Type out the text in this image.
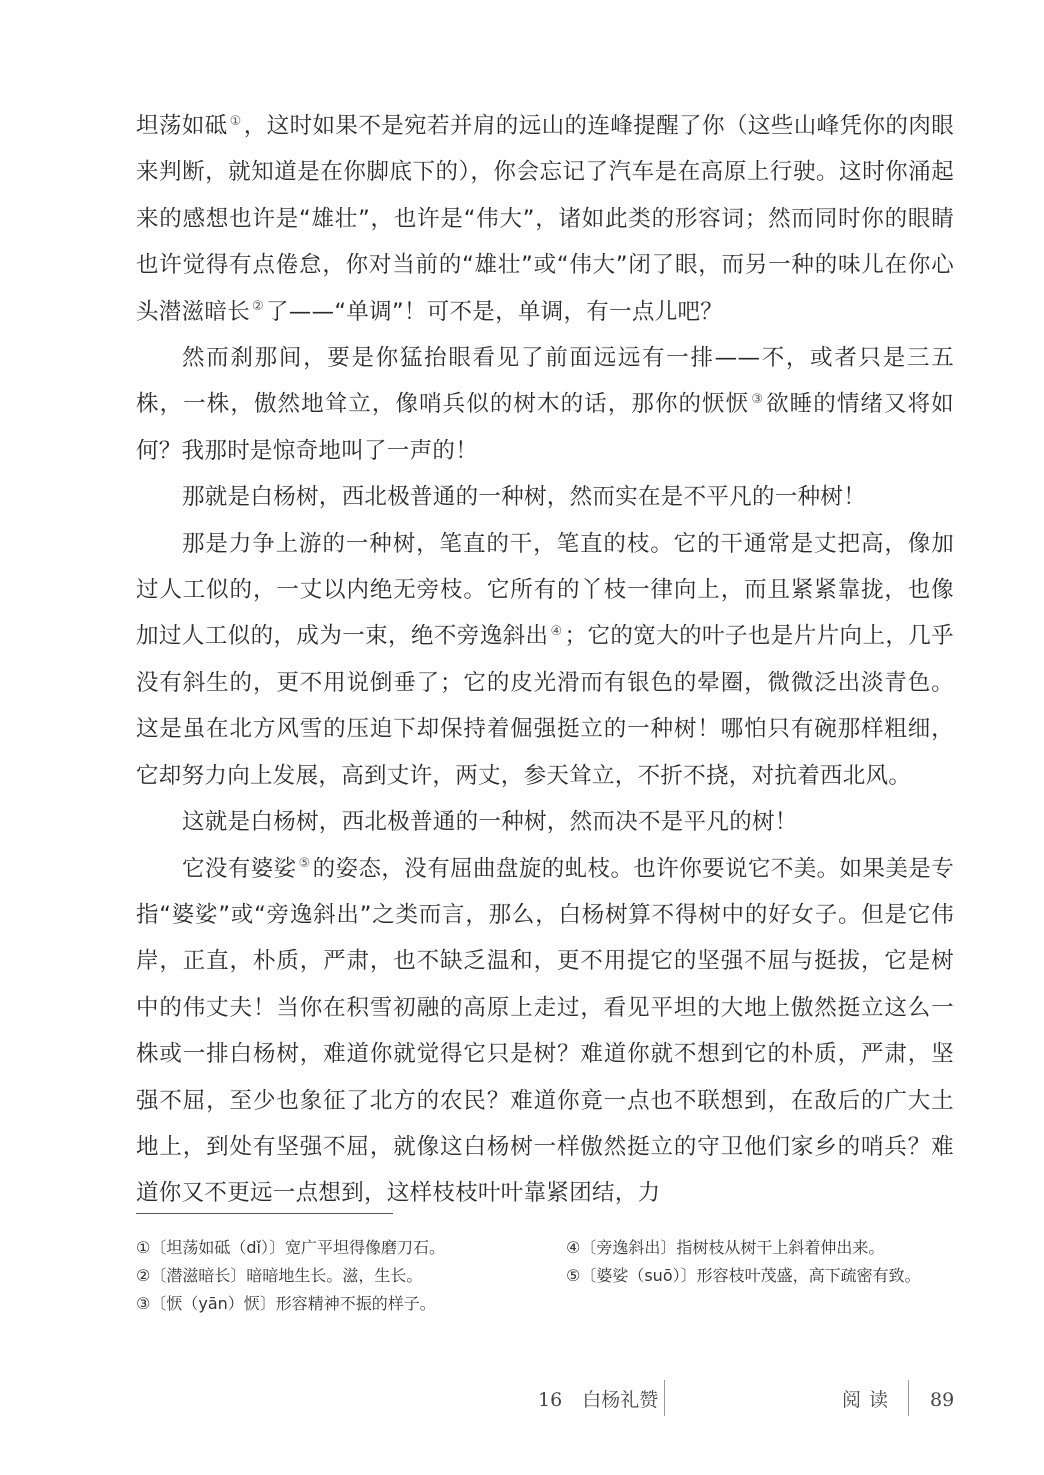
坦荡如砥 ①，这时如果不是宛若并肩的远山的连峰提醒了你（这些山峰凭你的肉眼来判断，就知道是在你脚底下的），你会忘记了汽车是在高原上行驶。这时你涌起来的感想也许是“雄壮”，也许是“伟大”，诸如此类的形容词；然而同时你的眼睛也许觉得有点倦怠，你对当前的“雄壮”或“伟大”闭了眼，而另一种的味儿在你心头潜滋暗长 ②了——“单调”！可不是，单调，有一点儿吧？

然而刹那间，要是你猛抬眼看见了前面远远有一排——不，或者只是三五株，一株，傲然地耸立，像哨兵似的树木的话，那你的恹恹 ③欲睡的情绪又将如何？我那时是惊奇地叫了一声的！

那就是白杨树，西北极普通的一种树，然而实在是不平凡的一种树！

那是力争上游的一种树，笔直的干，笔直的枝。它的干通常是丈把高，像加过人工似的，一丈以内绝无旁枝。它所有的丫枝一律向上，而且紧紧靠拢，也像加过人工似的，成为一束，绝不旁逸斜出 ④；它的宽大的叶子也是片片向上，几乎没有斜生的，更不用说倒垂了；它的皮光滑而有银色的晕圈，微微泛出淡青色。这是虽在北方风雪的压迫下却保持着倔强挺立的一种树！哪怕只有碗那样粗细，它却努力向上发展，高到丈许，两丈，参天耸立，不折不挠，对抗着西北风。

这就是白杨树，西北极普通的一种树，然而决不是平凡的树！

它没有婆娑 ⑤的姿态，没有屈曲盘旋的虬枝。也许你要说它不美。如果美是专指“婆娑”或“旁逸斜出”之类而言，那么，白杨树算不得树中的好女子。但是它伟岸，正直，朴质，严肃，也不缺乏温和，更不用提它的坚强不屈与挺拔，它是树中的伟丈夫！当你在积雪初融的高原上走过，看见平坦的大地上傲然挺立这么一株或一排白杨树，难道你就觉得它只是树？难道你就不想到它的朴质，严肃，坚强不屈，至少也象征了北方的农民？难道你竟一点也不联想到，在敌后的广大土地上，到处有坚强不屈，就像这白杨树一样傲然挺立的守卫他们家乡的哨兵？难道你又不更远一点想到，这样枝枝叶叶靠紧团结，力

①〔坦荡如砥（dǐ）〕宽广平坦得像磨刀石。
②〔潜滋暗长〕暗暗地生长。滋，生长。
③〔恹（yān）恹〕形容精神不振的样子。
④〔旁逸斜出〕指树枝从树干上斜着伸出来。
⑤〔婆娑（suō）〕形容枝叶茂盛，高下疏密有致。
16 白杨礼赞	阅读 89
